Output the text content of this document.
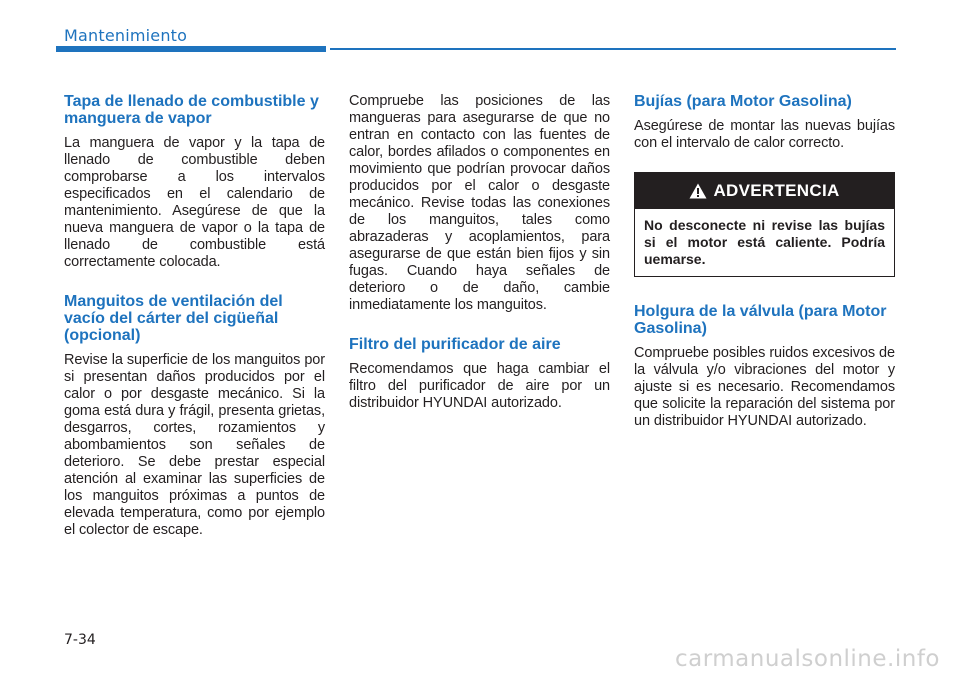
Mantenimiento
Tapa de llenado de combustible y manguera de vapor

La manguera de vapor y la tapa de llenado de combustible deben comprobarse a los intervalos especificados en el calendario de mantenimiento. Asegúrese de que la nueva manguera de vapor o la tapa de llenado de combustible está correctamente colocada.

Manguitos de ventilación del vacío del cárter del cigüeñal (opcional)

Revise la superficie de los manguitos por si presentan daños producidos por el calor o por desgaste mecánico. Si la goma está dura y frágil, presenta grietas, desgarros, cortes, rozamientos y abombamientos son señales de deterioro. Se debe prestar especial atención al examinar las superficies de los manguitos próximas a puntos de elevada temperatura, como por ejemplo el colector de escape.

Compruebe las posiciones de las mangueras para asegurarse de que no entran en contacto con las fuentes de calor, bordes afilados o componentes en movimiento que podrían provocar daños producidos por el calor o desgaste mecánico. Revise todas las conexiones de los manguitos, tales como abrazaderas y acoplamientos, para asegurarse de que están bien fijos y sin fugas. Cuando haya señales de deterioro o de daño, cambie inmediatamente los manguitos.

Filtro del purificador de aire

Recomendamos que haga cambiar el filtro del purificador de aire por un distribuidor HYUNDAI autorizado.

Bujías (para Motor Gasolina)

Asegúrese de montar las nuevas bujías con el intervalo de calor correcto.

ADVERTENCIA
No desconecte ni revise las bujías si el motor está caliente. Podría uemarse.
Holgura de la válvula (para Motor Gasolina)

Compruebe posibles ruidos excesivos de la válvula y/o vibraciones del motor y ajuste si es necesario. Recomendamos que solicite la reparación del sistema por un distribuidor HYUNDAI autorizado.

7-34
carmanualsonline.info
